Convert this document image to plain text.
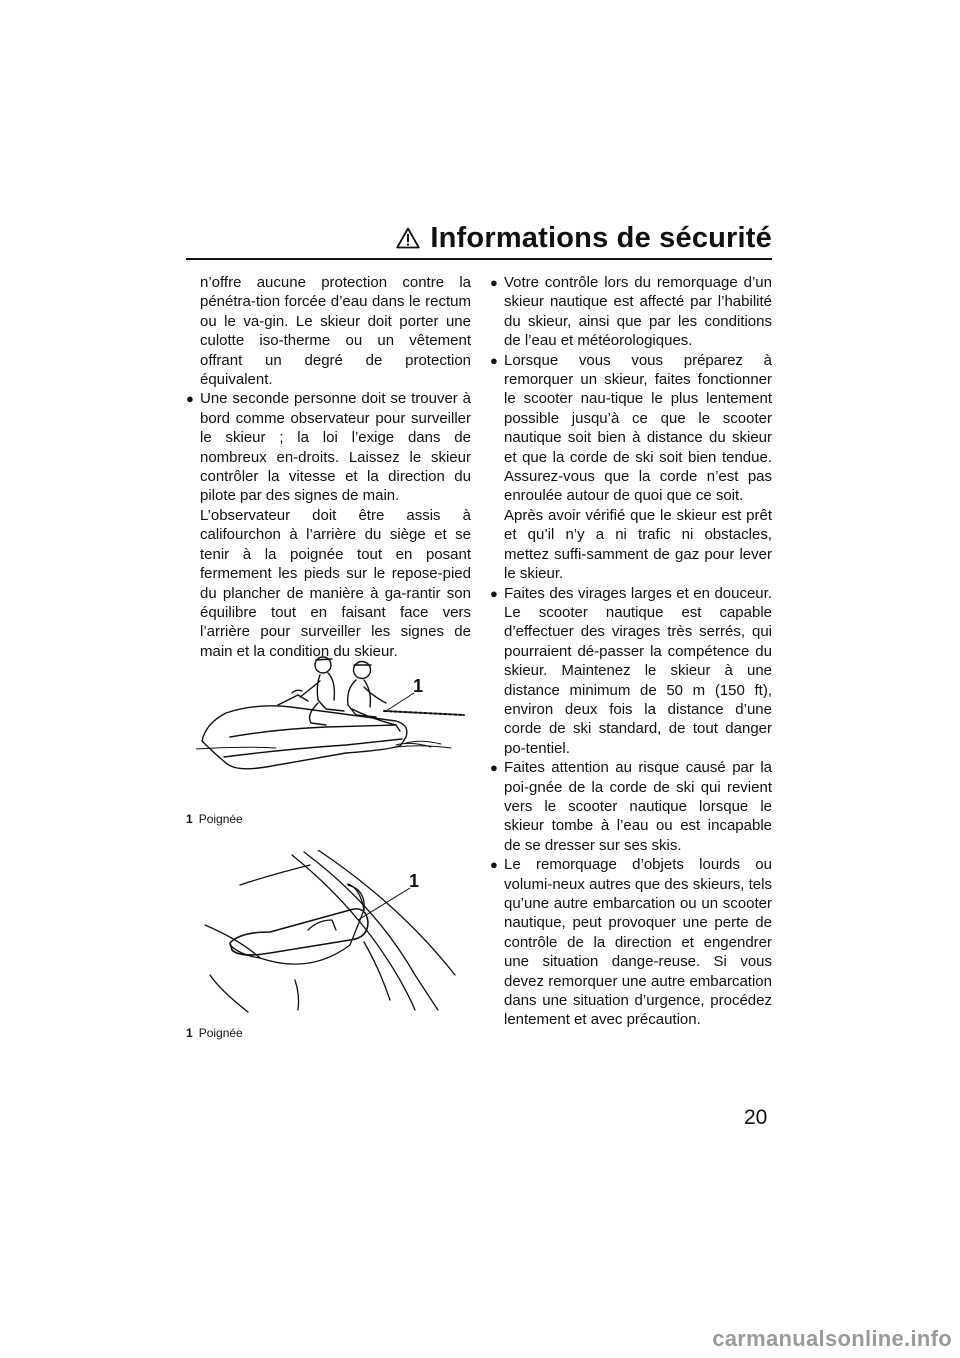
Informations de sécurité
n’offre aucune protection contre la pénétra-tion forcée d’eau dans le rectum ou le va-gin. Le skieur doit porter une culotte iso-therme ou un vêtement offrant un degré de protection équivalent.
● Une seconde personne doit se trouver à bord comme observateur pour surveiller le skieur ; la loi l’exige dans de nombreux en-droits. Laissez le skieur contrôler la vitesse et la direction du pilote par des signes de main.
L’observateur doit être assis à califourchon à l’arrière du siège et se tenir à la poignée tout en posant fermement les pieds sur le repose-pied du plancher de manière à ga-rantir son équilibre tout en faisant face vers l’arrière pour surveiller les signes de main et la condition du skieur.
1
1 Poignée
1
1 Poignée
● Votre contrôle lors du remorquage d’un skieur nautique est affecté par l’habilité du skieur, ainsi que par les conditions de l’eau et météorologiques.
● Lorsque vous vous préparez à remorquer un skieur, faites fonctionner le scooter nau-tique le plus lentement possible jusqu’à ce que le scooter nautique soit bien à distance du skieur et que la corde de ski soit bien tendue. Assurez-vous que la corde n’est pas enroulée autour de quoi que ce soit.
Après avoir vérifié que le skieur est prêt et qu’il n’y a ni trafic ni obstacles, mettez suffi-samment de gaz pour lever le skieur.
● Faites des virages larges et en douceur. Le scooter nautique est capable d’effectuer des virages très serrés, qui pourraient dé-passer la compétence du skieur. Maintenez le skieur à une distance minimum de 50 m (150 ft), environ deux fois la distance d’une corde de ski standard, de tout danger po-tentiel.
● Faites attention au risque causé par la poi-gnée de la corde de ski qui revient vers le scooter nautique lorsque le skieur tombe à l’eau ou est incapable de se dresser sur ses skis.
● Le remorquage d’objets lourds ou volumi-neux autres que des skieurs, tels qu’une autre embarcation ou un scooter nautique, peut provoquer une perte de contrôle de la direction et engendrer une situation dange-reuse. Si vous devez remorquer une autre embarcation dans une situation d’urgence, procédez lentement et avec précaution.
20
carmanualsonline.info
